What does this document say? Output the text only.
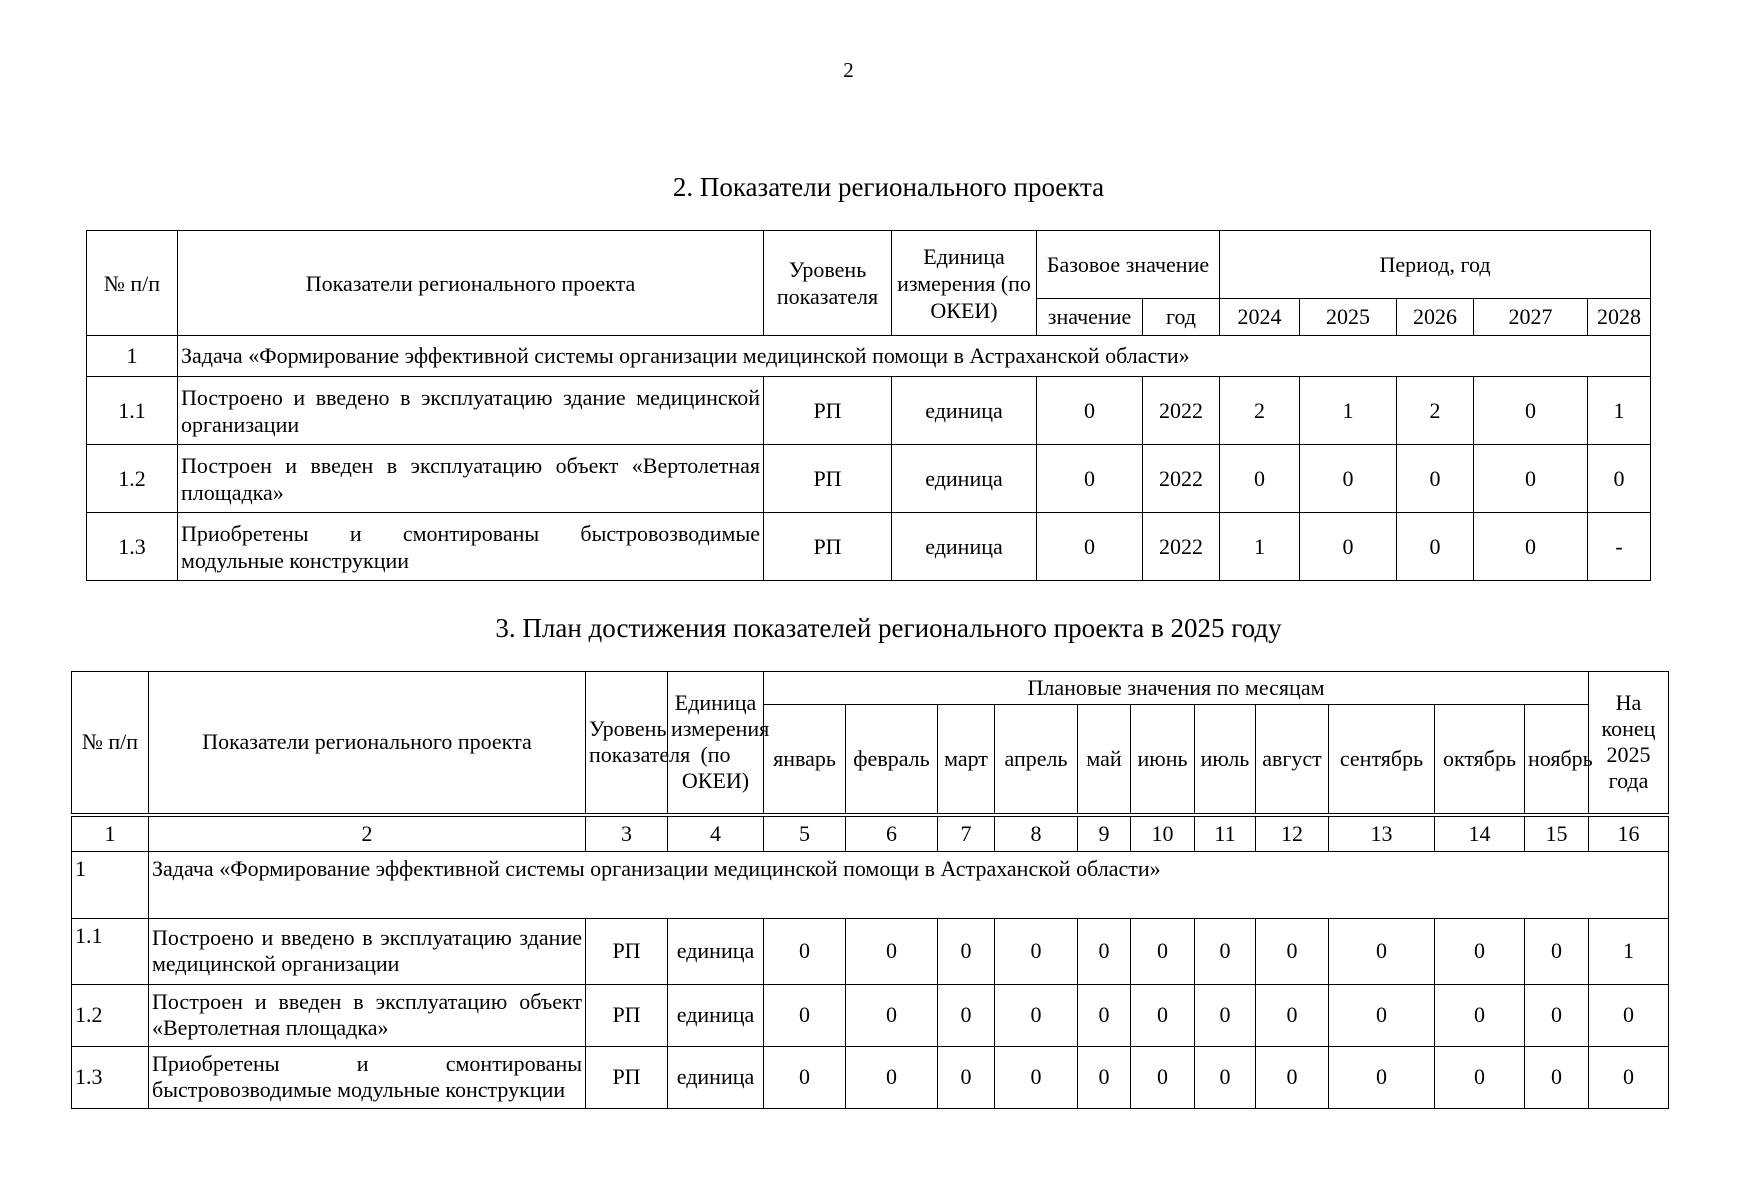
2
2. Показатели регионального проекта
№ п/п	Показатели регионального проекта	Уровень показателя	Единица измерения (по ОКЕИ)	Базовое значение		Период, год				
				значение	год	2024	2025	2026	2027	2028
1	Задача «Формирование эффективной системы организации медицинской помощи в Астраханской области»									
1.1	Построено и введено в эксплуатацию здание медицинской организации	РП	единица	0	2022	2	1	2	0	1
1.2	Построен и введен в эксплуатацию объект «Вертолетная площадка»	РП	единица	0	2022	0	0	0	0	0
1.3	Приобретены и смонтированы быстровозводимые модульные конструкции	РП	единица	0	2022	1	0	0	0	-
3. План достижения показателей регионального проекта в 2025 году
№ п/п	Показатели регионального проекта	Уровень показателя	Единица измерения (по ОКЕИ)	Плановые значения по месяцам											На конец 2025 года
				январь	февраль	март	апрель	май	июнь	июль	август	сентябрь	октябрь	ноябрь	
1	2	3	4	5	6	7	8	9	10	11	12	13	14	15	16
1	Задача «Формирование эффективной системы организации медицинской помощи в Астраханской области»														
1.1	Построено и введено в эксплуатацию здание медицинской организации	РП	единица	0	0	0	0	0	0	0	0	0	0	0	1
1.2	Построен и введен в эксплуатацию объект «Вертолетная площадка»	РП	единица	0	0	0	0	0	0	0	0	0	0	0	0
1.3	Приобретены и смонтированы быстровозводимые модульные конструкции	РП	единица	0	0	0	0	0	0	0	0	0	0	0	0
